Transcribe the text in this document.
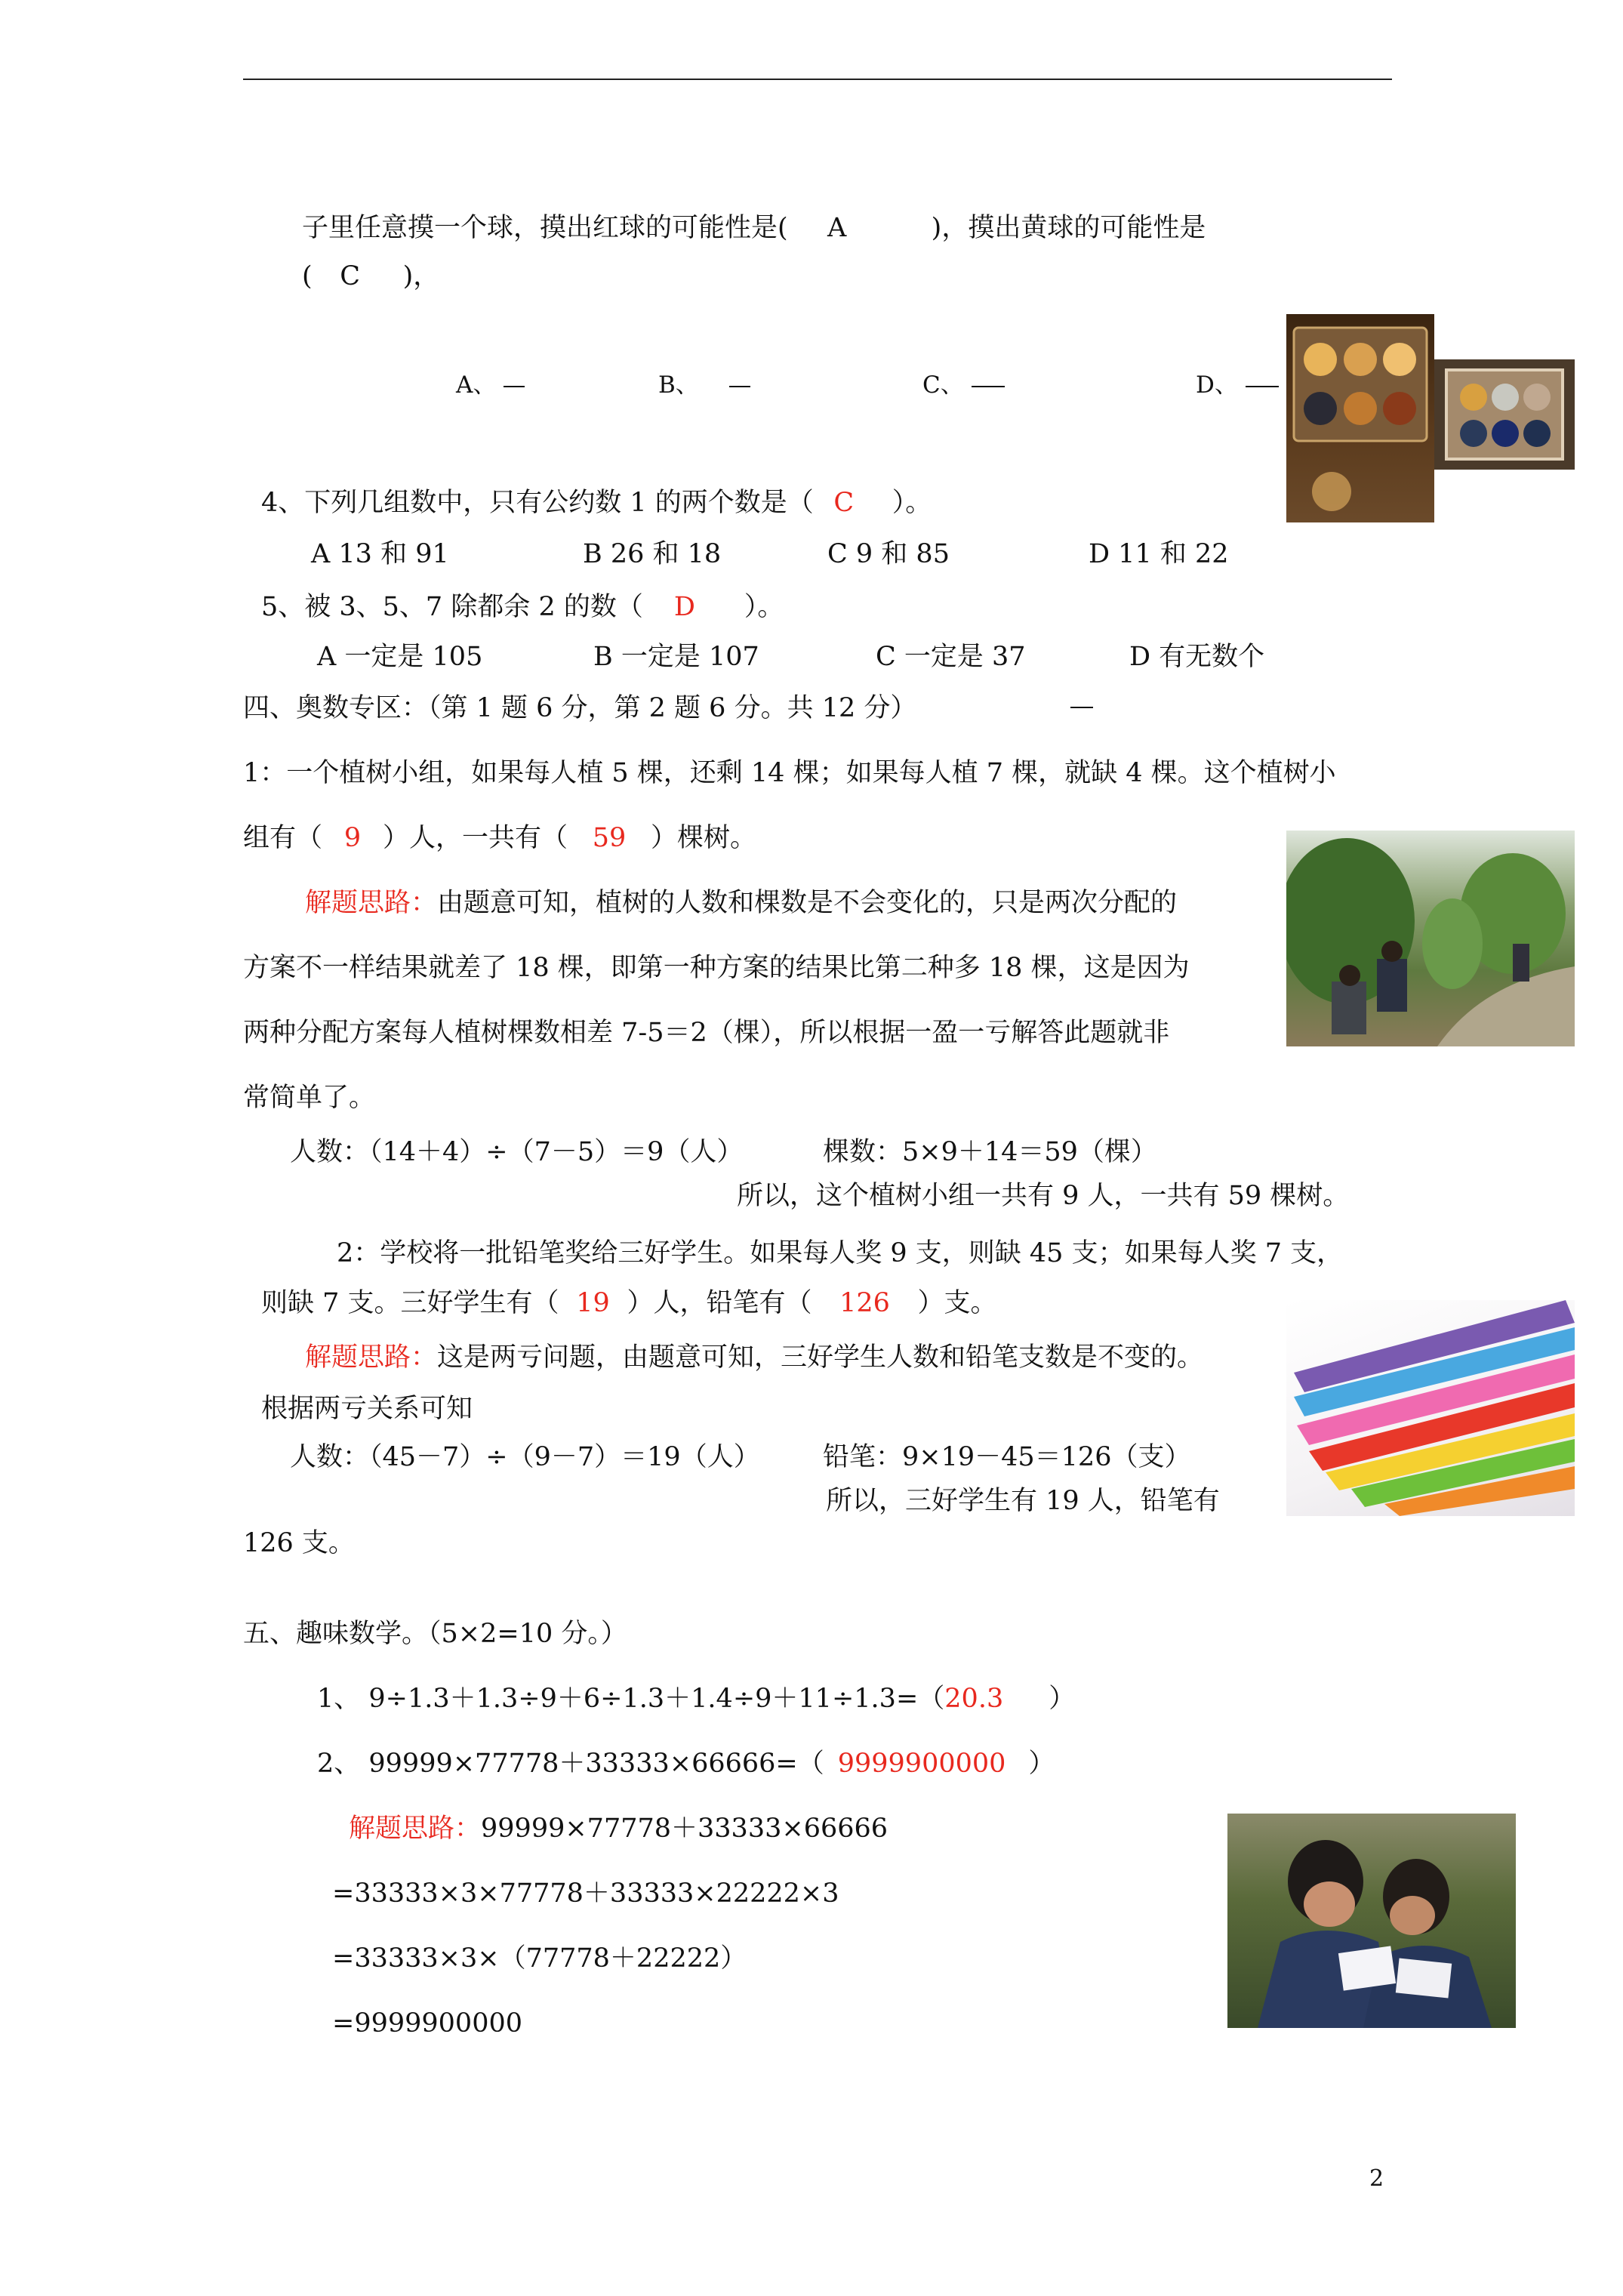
子里任意摸一个球，摸出红球的可能性是( A	)，摸出黄球的可能性是
( C )，
A、	B、	C、	D、
4、下列几组数中，只有公约数 1 的两个数是（ C ）。
A 13 和 91	B 26 和 18	C 9 和 85	D 11 和 22
5、被 3、5、7 除都余 2 的数（ D ）。
A 一定是 105	B 一定是 107	C 一定是 37	D 有无数个
四、奥数专区：（第 1 题 6 分，第 2 题 6 分。共 12 分）
1：一个植树小组，如果每人植 5 棵，还剩 14 棵；如果每人植 7 棵，就缺 4 棵。这个植树小
组有（ 9 ）人，一共有（ 59 ）棵树。
解题思路：由题意可知，植树的人数和棵数是不会变化的，只是两次分配的
方案不一样结果就差了 18 棵，即第一种方案的结果比第二种多 18 棵，这是因为
两种分配方案每人植树棵数相差 7-5＝2（棵），所以根据一盈一亏解答此题就非
常简单了。
人数：（14＋4）÷（7－5）＝9（人）	棵数：5×9＋14＝59（棵）
所以，这个植树小组一共有 9 人，一共有 59 棵树。
2：学校将一批铅笔奖给三好学生。如果每人奖 9 支，则缺 45 支；如果每人奖 7 支，
则缺 7 支。三好学生有（ 19 ）人，铅笔有（ 126 ）支。
解题思路：这是两亏问题，由题意可知，三好学生人数和铅笔支数是不变的。
根据两亏关系可知
人数：（45－7）÷（9－7）＝19（人） 铅笔：9×19－45＝126（支）
所以，三好学生有 19 人，铅笔有
126 支。
五、趣味数学。（5×2=10 分。）
1、 9÷1.3＋1.3÷9＋6÷1.3＋1.4÷9＋11÷1.3=（20.3 ）
2、 99999×77778＋33333×66666=（ 9999900000 ）
解题思路：99999×77778＋33333×66666
=33333×3×77778＋33333×22222×3
=33333×3×（77778＋22222）
=9999900000
2
